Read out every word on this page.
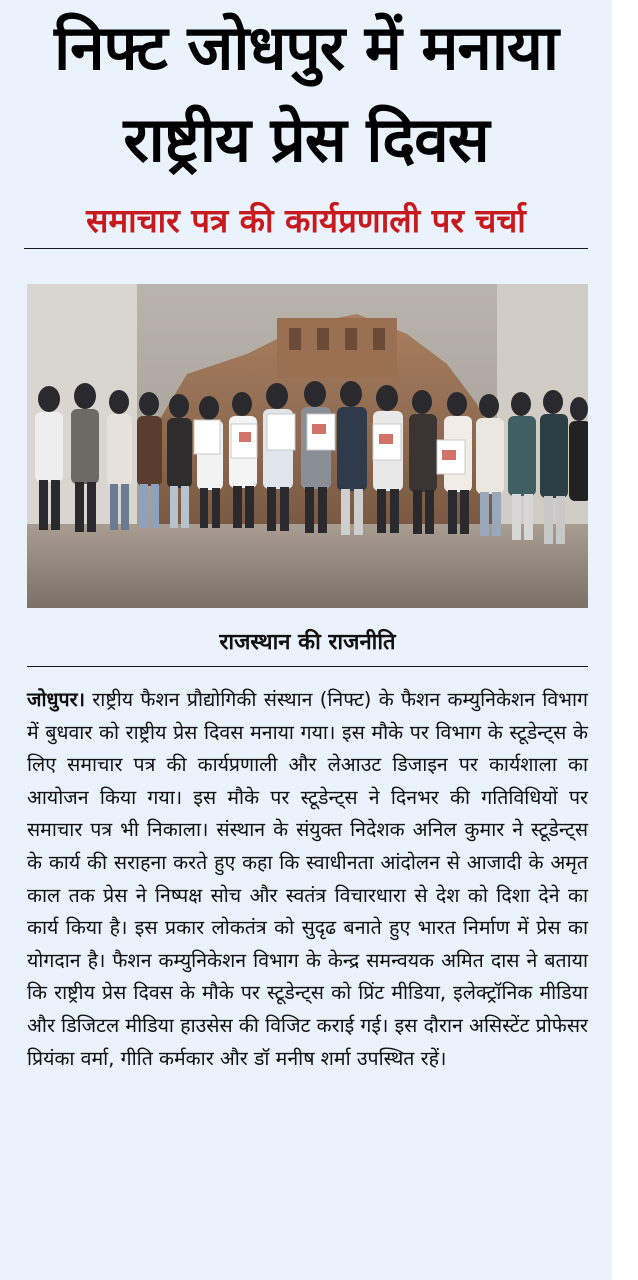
निफ्ट जोधपुर में मनाया
राष्ट्रीय प्रेस दिवस
समाचार पत्र की कार्यप्रणाली पर चर्चा
राजस्थान की राजनीति

जोधुपर। राष्ट्रीय फैशन प्रौद्योगिकी संस्थान (निफ्ट) के फैशन कम्युनिकेशन विभाग में बुधवार को राष्ट्रीय प्रेस दिवस मनाया गया। इस मौके पर विभाग के स्टूडेन्ट्स के लिए समाचार पत्र की कार्यप्रणाली और लेआउट डिजाइन पर कार्यशाला का आयोजन किया गया। इस मौके पर स्टूडेन्ट्स ने दिनभर की गतिविधियों पर समाचार पत्र भी निकाला। संस्थान के संयुक्त निदेशक अनिल कुमार ने स्टूडेन्ट्स के कार्य की सराहना करते हुए कहा कि स्वाधीनता आंदोलन से आजादी के अमृत काल तक प्रेस ने निष्पक्ष सोच और स्वतंत्र विचारधारा से देश को दिशा देने का कार्य किया है। इस प्रकार लोकतंत्र को सुदृढ बनाते हुए भारत निर्माण में प्रेस का योगदान है। फैशन कम्युनिकेशन विभाग के केन्द्र समन्वयक अमित दास ने बताया कि राष्ट्रीय प्रेस दिवस के मौके पर स्टूडेन्ट्स को प्रिंट मीडिया, इलेक्ट्रॉनिक मीडिया और डिजिटल मीडिया हाउसेस की विजिट कराई गई। इस दौरान असिस्टेंट प्रोफेसर प्रियंका वर्मा, गीति कर्मकार और डॉ मनीष शर्मा उपस्थित रहें।
